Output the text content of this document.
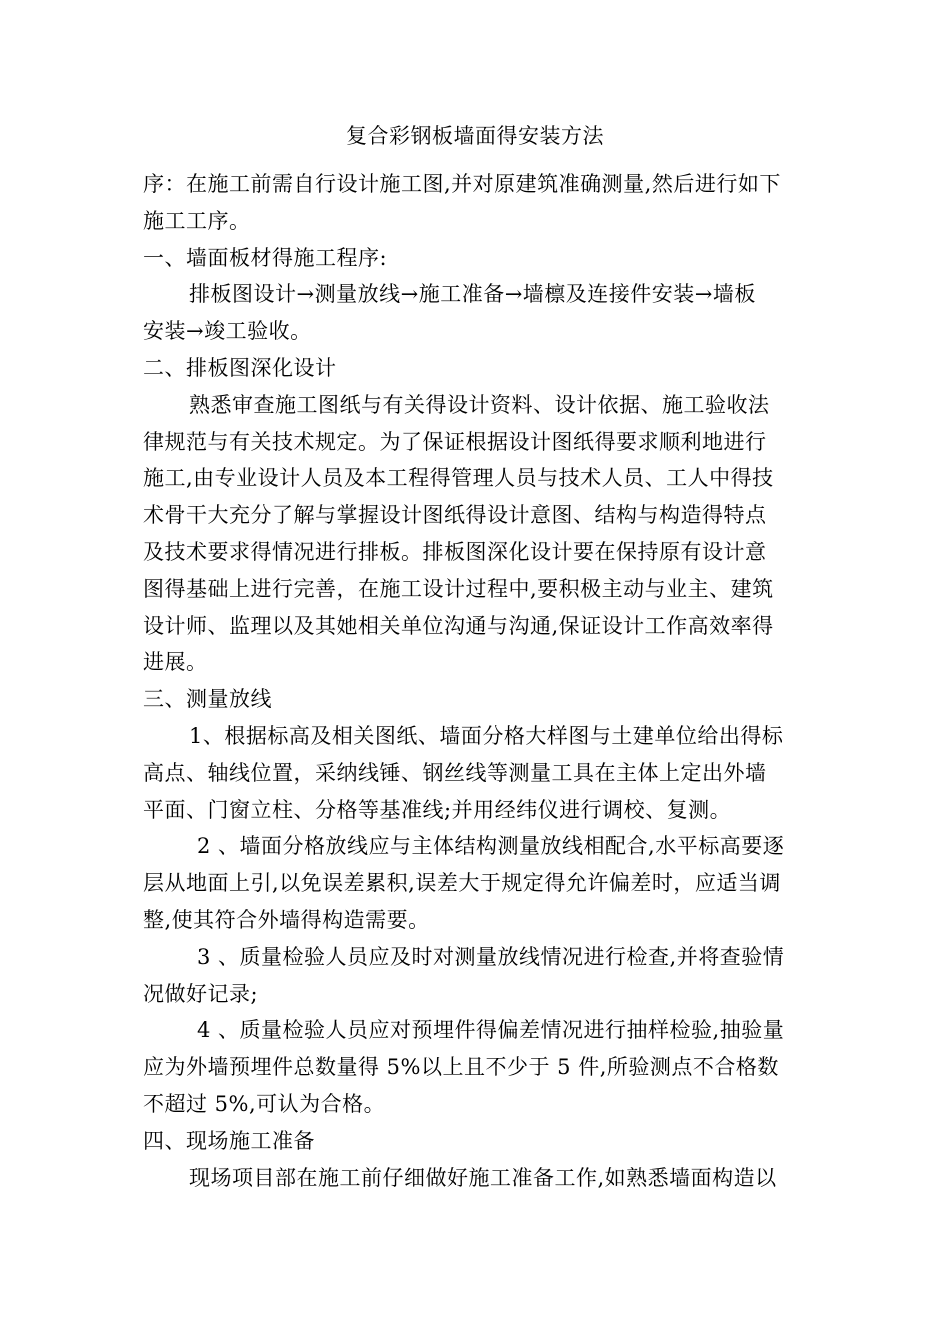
复合彩钢板墙面得安装方法

序：在施工前需自行设计施工图,并对原建筑准确测量,然后进行如下

施工工序。

一、墙面板材得施工程序:

排板图设计→测量放线→施工准备→墙檩及连接件安装→墙板

安装→竣工验收。

二、排板图深化设计

熟悉审查施工图纸与有关得设计资料、设计依据、施工验收法

律规范与有关技术规定。为了保证根据设计图纸得要求顺利地进行

施工,由专业设计人员及本工程得管理人员与技术人员、工人中得技

术骨干大充分了解与掌握设计图纸得设计意图、结构与构造得特点

及技术要求得情况进行排板。排板图深化设计要在保持原有设计意

图得基础上进行完善，在施工设计过程中,要积极主动与业主、建筑

设计师、监理以及其她相关单位沟通与沟通,保证设计工作高效率得

进展。

三、测量放线

1、根据标高及相关图纸、墙面分格大样图与土建单位给出得标

高点、轴线位置，采纳线锤、钢丝线等测量工具在主体上定出外墙

平面、门窗立柱、分格等基准线;并用经纬仪进行调校、复测。

2 、墙面分格放线应与主体结构测量放线相配合,水平标高要逐

层从地面上引,以免误差累积,误差大于规定得允许偏差时，应适当调

整,使其符合外墙得构造需要。

3 、质量检验人员应及时对测量放线情况进行检查,并将查验情

况做好记录;

4 、质量检验人员应对预埋件得偏差情况进行抽样检验,抽验量

应为外墙预埋件总数量得 5%以上且不少于 5 件,所验测点不合格数

不超过 5%,可认为合格。

四、现场施工准备

现场项目部在施工前仔细做好施工准备工作,如熟悉墙面构造以
